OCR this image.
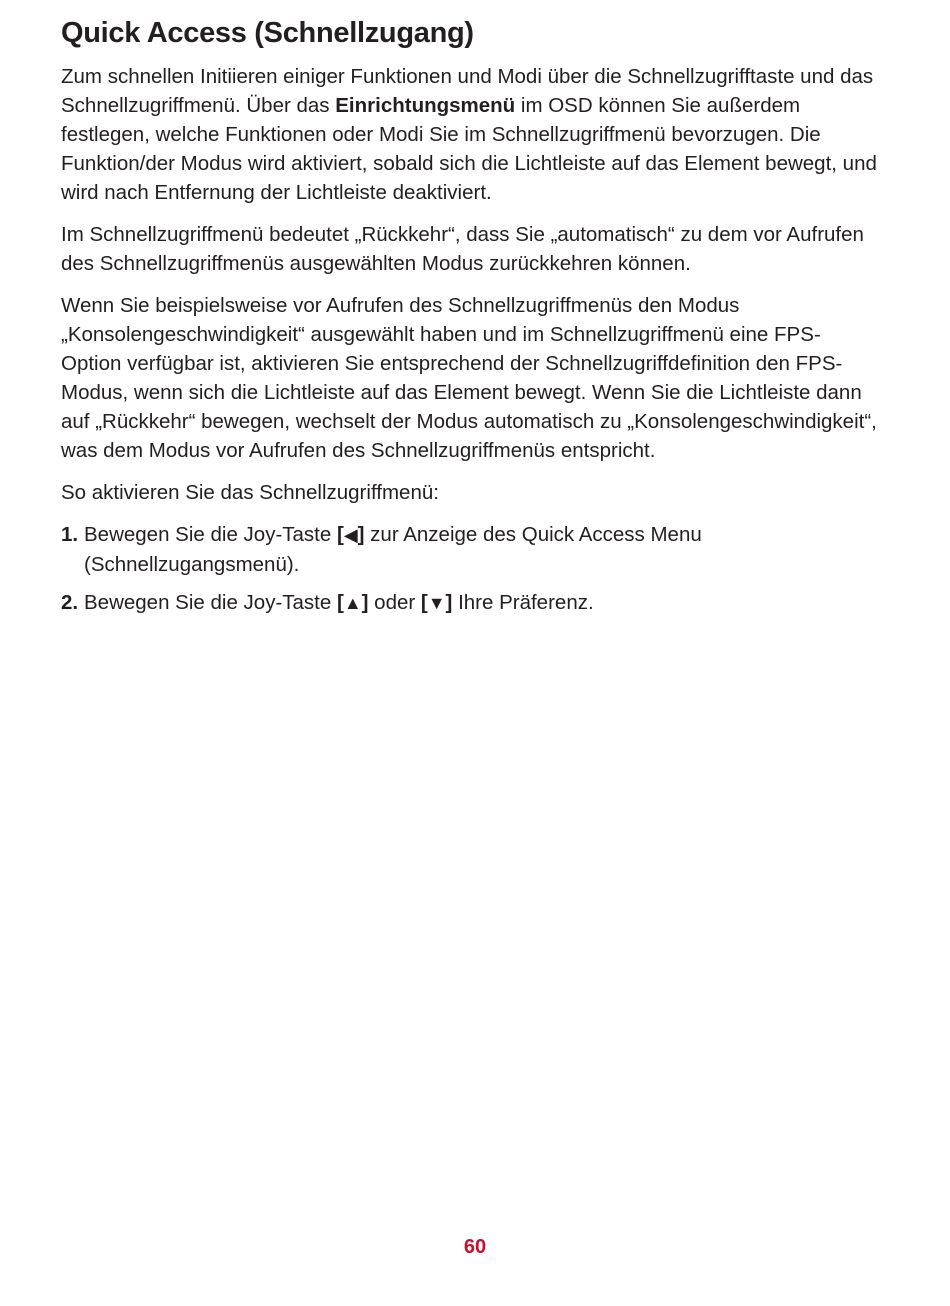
Quick Access (Schnellzugang)

Zum schnellen Initiieren einiger Funktionen und Modi über die Schnellzugrifftaste und das Schnellzugriffmenü. Über das Einrichtungsmenü im OSD können Sie außerdem festlegen, welche Funktionen oder Modi Sie im Schnellzugriffmenü bevorzugen. Die Funktion/der Modus wird aktiviert, sobald sich die Lichtleiste auf das Element bewegt, und wird nach Entfernung der Lichtleiste deaktiviert.

Im Schnellzugriffmenü bedeutet „Rückkehr“, dass Sie „automatisch“ zu dem vor Aufrufen des Schnellzugriffmenüs ausgewählten Modus zurückkehren können.

Wenn Sie beispielsweise vor Aufrufen des Schnellzugriffmenüs den Modus „Konsolengeschwindigkeit“ ausgewählt haben und im Schnellzugriffmenü eine FPS-Option verfügbar ist, aktivieren Sie entsprechend der Schnellzugriffdefinition den FPS-Modus, wenn sich die Lichtleiste auf das Element bewegt. Wenn Sie die Lichtleiste dann auf „Rückkehr“ bewegen, wechselt der Modus automatisch zu „Konsolengeschwindigkeit“, was dem Modus vor Aufrufen des Schnellzugriffmenüs entspricht.

So aktivieren Sie das Schnellzugriffmenü:

1. Bewegen Sie die Joy-Taste [◀] zur Anzeige des Quick Access Menu (Schnellzugangsmenü).
2. Bewegen Sie die Joy-Taste [▲] oder [▼] Ihre Präferenz.
60
